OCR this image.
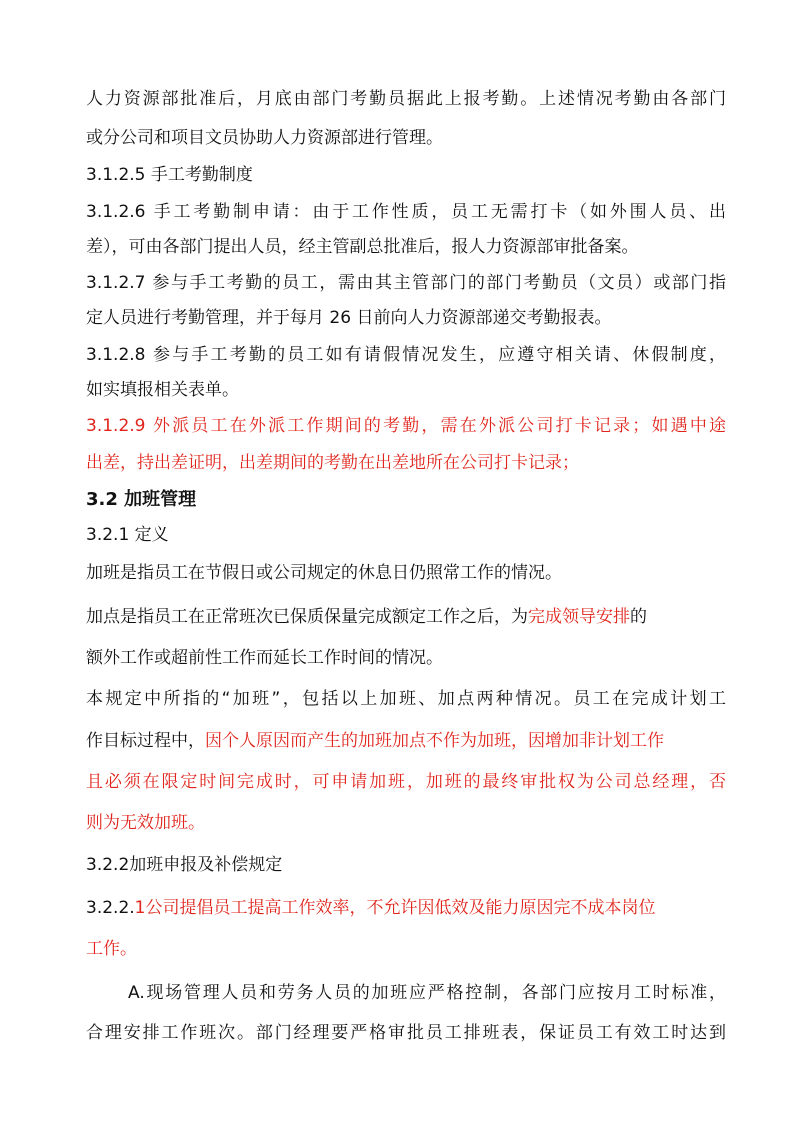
人力资源部批准后，月底由部门考勤员据此上报考勤。上述情况考勤由各部门
或分公司和项目文员协助人力资源部进行管理。
3.1.2.5 手工考勤制度
3.1.2.6 手工考勤制申请：由于工作性质，员工无需打卡（如外围人员、出
差），可由各部门提出人员，经主管副总批准后，报人力资源部审批备案。
3.1.2.7 参与手工考勤的员工，需由其主管部门的部门考勤员（文员）或部门指
定人员进行考勤管理，并于每月 26 日前向人力资源部递交考勤报表。
3.1.2.8 参与手工考勤的员工如有请假情况发生，应遵守相关请、休假制度，
如实填报相关表单。
3.1.2.9 外派员工在外派工作期间的考勤，需在外派公司打卡记录；如遇中途
出差，持出差证明，出差期间的考勤在出差地所在公司打卡记录；
3.2 加班管理
3.2.1 定义
加班是指员工在节假日或公司规定的休息日仍照常工作的情况。
加点是指员工在正常班次已保质保量完成额定工作之后，为完成领导安排的
额外工作或超前性工作而延长工作时间的情况。
本规定中所指的“加班”，包括以上加班、加点两种情况。员工在完成计划工
作目标过程中，因个人原因而产生的加班加点不作为加班，因增加非计划工作
且必须在限定时间完成时，可申请加班，加班的最终审批权为公司总经理，否
则为无效加班。
3.2.2加班申报及补偿规定
3.2.2.1公司提倡员工提高工作效率，不允许因低效及能力原因完不成本岗位
工作。
A.现场管理人员和劳务人员的加班应严格控制，各部门应按月工时标准，
合理安排工作班次。部门经理要严格审批员工排班表，保证员工有效工时达到
